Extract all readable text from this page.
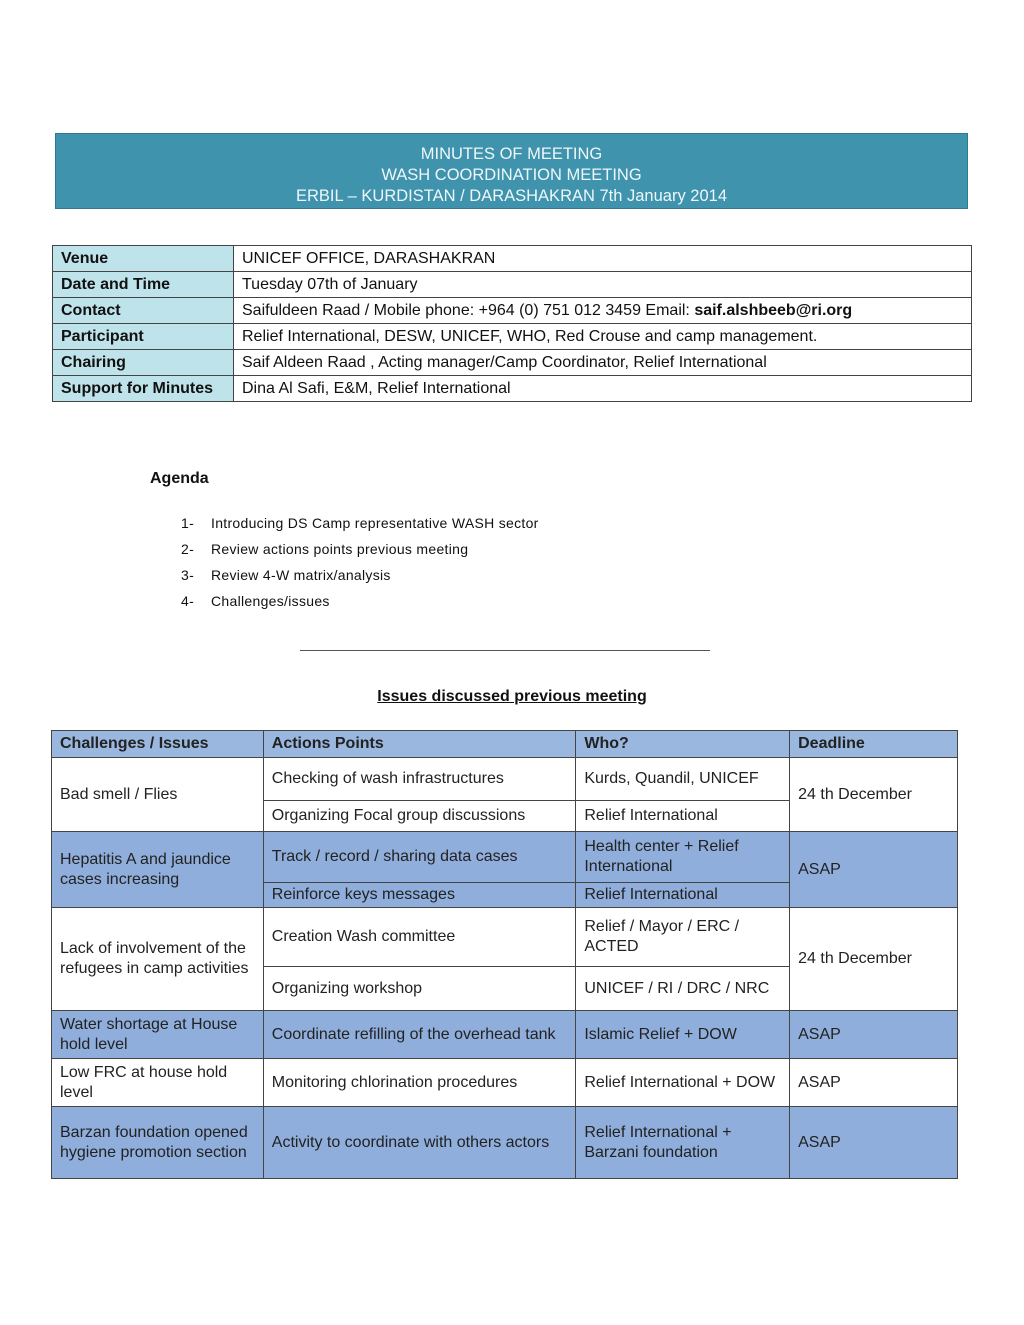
MINUTES OF MEETING
WASH COORDINATION MEETING
ERBIL – KURDISTAN / DARASHAKRAN 7th January 2014
Venue	UNICEF OFFICE, DARASHAKRAN
Date and Time	Tuesday 07th of January
Contact	Saifuldeen Raad / Mobile phone: +964 (0) 751 012 3459 Email: saif.alshbeeb@ri.org
Participant	Relief International, DESW, UNICEF, WHO, Red Crouse and camp management.
Chairing	Saif Aldeen Raad , Acting manager/Camp Coordinator, Relief International
Support for Minutes	Dina Al Safi, E&M, Relief International
Agenda
1-	Introducing DS Camp representative WASH sector
2-	Review actions points previous meeting
3-	Review 4-W matrix/analysis
4-	Challenges/issues
Issues discussed previous meeting
Challenges / Issues	Actions Points	Who?	Deadline
Bad smell / Flies	Checking of wash infrastructures	Kurds, Quandil, UNICEF	24 th December
	Organizing Focal group discussions	Relief International	
Hepatitis A and jaundice cases increasing	Track / record / sharing data cases	Health center + Relief International	ASAP
	Reinforce keys messages	Relief International	
Lack of involvement of the refugees in camp activities	Creation Wash committee	Relief / Mayor / ERC / ACTED	24 th December
	Organizing workshop	UNICEF / RI / DRC / NRC	
Water shortage at House hold level	Coordinate refilling of the overhead tank	Islamic Relief + DOW	ASAP
Low FRC at house hold level	Monitoring chlorination procedures	Relief International + DOW	ASAP
Barzan foundation opened hygiene promotion section	Activity to coordinate with others actors	Relief International + Barzani foundation	ASAP
